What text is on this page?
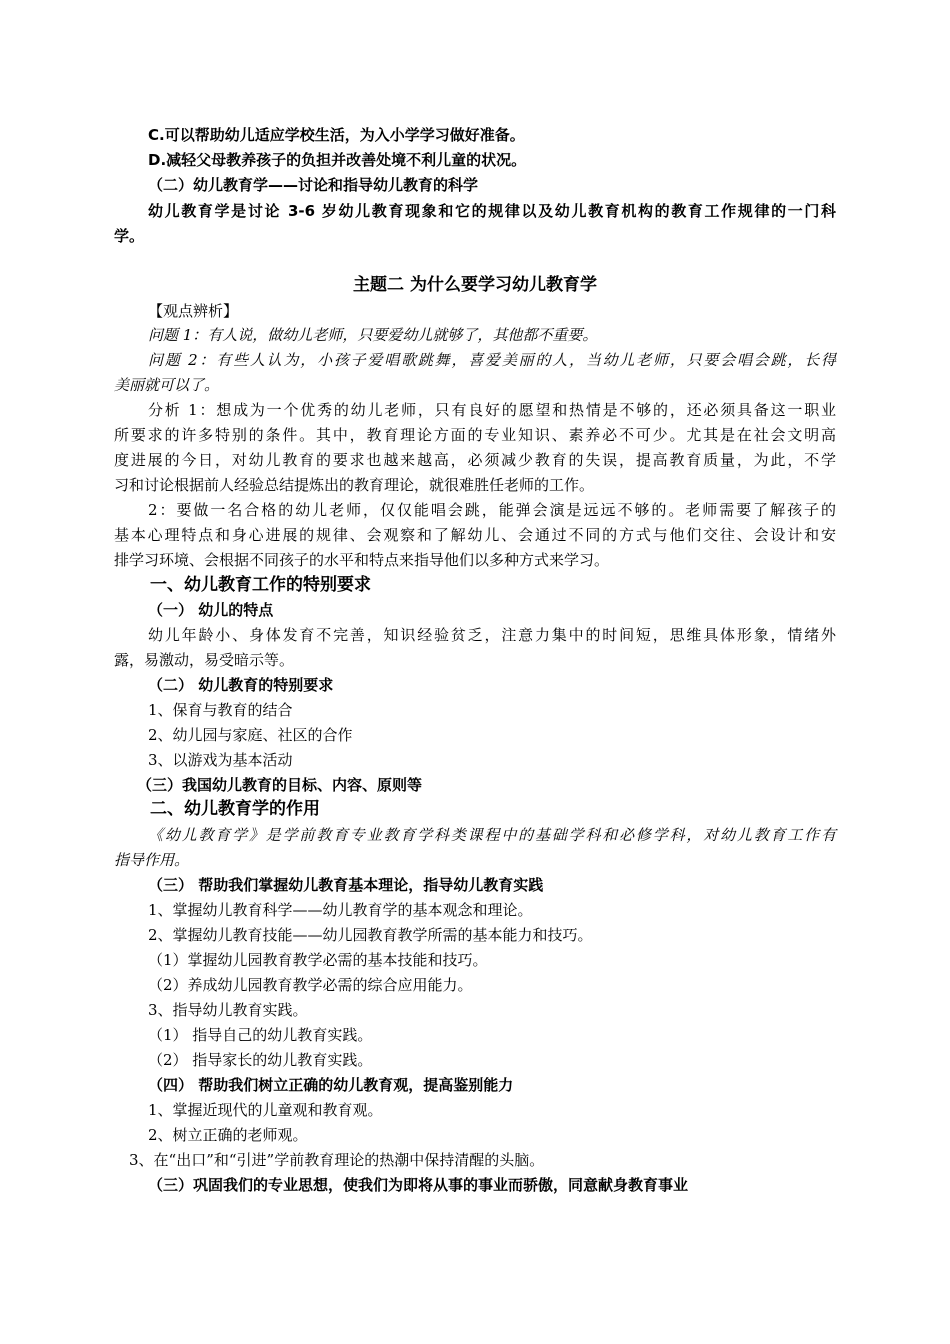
C.可以帮助幼儿适应学校生活，为入小学学习做好准备。
D.减轻父母教养孩子的负担并改善处境不利儿童的状况。
（二）幼儿教育学——讨论和指导幼儿教育的科学
幼儿教育学是讨论 3-6 岁幼儿教育现象和它的规律以及幼儿教育机构的教育工作规律的一门科
学。
主题二 为什么要学习幼儿教育学
【观点辨析】
问题 1：有人说，做幼儿老师，只要爱幼儿就够了，其他都不重要。
问题 2：有些人认为，小孩子爱唱歌跳舞，喜爱美丽的人，当幼儿老师，只要会唱会跳，长得
美丽就可以了。
分析 1：想成为一个优秀的幼儿老师，只有良好的愿望和热情是不够的，还必须具备这一职业
所要求的许多特别的条件。其中，教育理论方面的专业知识、素养必不可少。尤其是在社会文明高
度进展的今日，对幼儿教育的要求也越来越高，必须减少教育的失误，提高教育质量，为此，不学
习和讨论根据前人经验总结提炼出的教育理论，就很难胜任老师的工作。
2：要做一名合格的幼儿老师，仅仅能唱会跳，能弹会演是远远不够的。老师需要了解孩子的
基本心理特点和身心进展的规律、会观察和了解幼儿、会通过不同的方式与他们交往、会设计和安
排学习环境、会根据不同孩子的水平和特点来指导他们以多种方式来学习。
一、幼儿教育工作的特别要求
（一） 幼儿的特点
幼儿年龄小、身体发育不完善，知识经验贫乏，注意力集中的时间短，思维具体形象，情绪外
露，易激动，易受暗示等。
（二） 幼儿教育的特别要求
1、保育与教育的结合
2、幼儿园与家庭、社区的合作
3、以游戏为基本活动
（三）我国幼儿教育的目标、内容、原则等
二、幼儿教育学的作用
《幼儿教育学》是学前教育专业教育学科类课程中的基础学科和必修学科，对幼儿教育工作有
指导作用。
（三） 帮助我们掌握幼儿教育基本理论，指导幼儿教育实践
1、掌握幼儿教育科学——幼儿教育学的基本观念和理论。
2、掌握幼儿教育技能——幼儿园教育教学所需的基本能力和技巧。
（1）掌握幼儿园教育教学必需的基本技能和技巧。
（2）养成幼儿园教育教学必需的综合应用能力。
3、指导幼儿教育实践。
（1） 指导自己的幼儿教育实践。
（2） 指导家长的幼儿教育实践。
（四） 帮助我们树立正确的幼儿教育观，提高鉴别能力
1、掌握近现代的儿童观和教育观。
2、树立正确的老师观。
3、在“出口”和“引进”学前教育理论的热潮中保持清醒的头脑。
（三）巩固我们的专业思想，使我们为即将从事的事业而骄傲，同意献身教育事业
